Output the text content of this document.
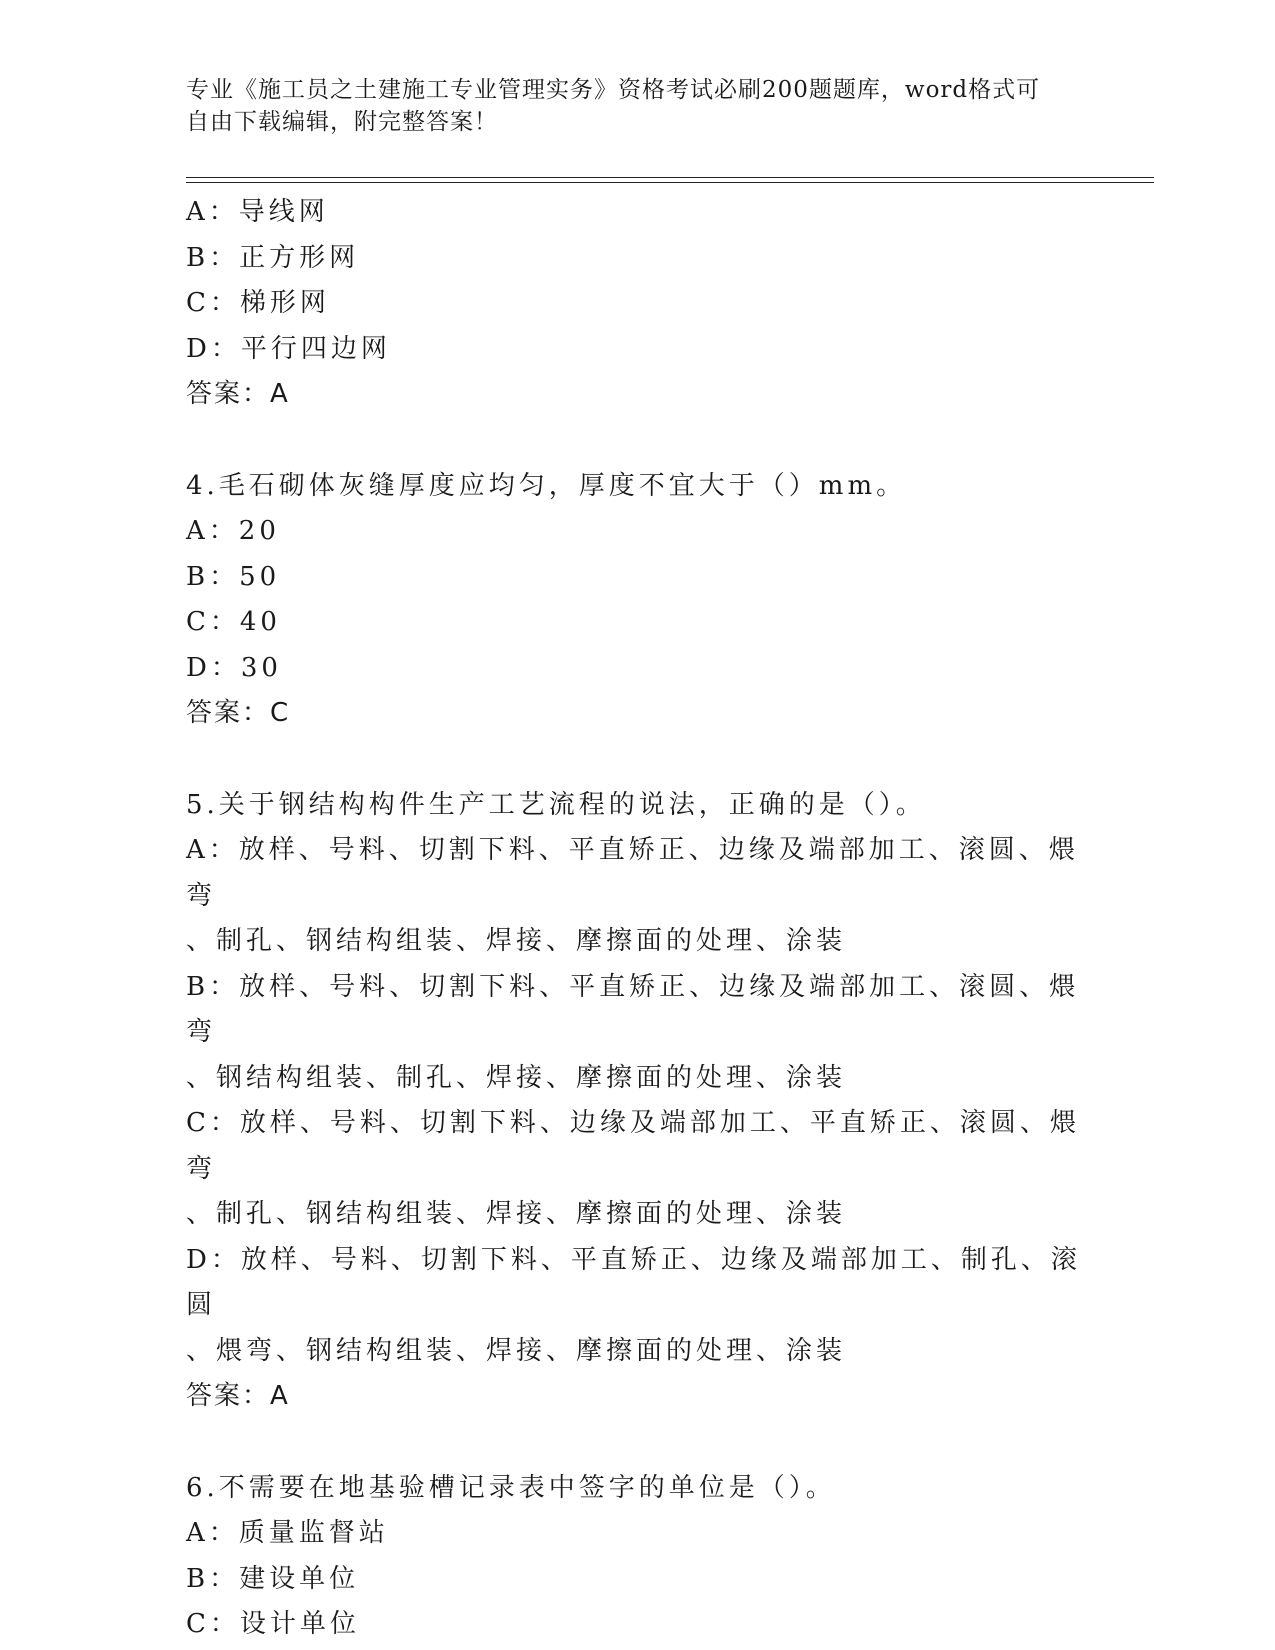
专业《施工员之土建施工专业管理实务》资格考试必刷200题题库，word格式可
自由下载编辑，附完整答案！
A：导线网
B：正方形网
C：梯形网
D：平行四边网
答案：A
4.毛石砌体灰缝厚度应均匀，厚度不宜大于（）mm。
A：20
B：50
C：40
D：30
答案：C
5.关于钢结构构件生产工艺流程的说法，正确的是（）。
A：放样、号料、切割下料、平直矫正、边缘及端部加工、滚圆、煨弯
、制孔、钢结构组装、焊接、摩擦面的处理、涂装
B：放样、号料、切割下料、平直矫正、边缘及端部加工、滚圆、煨弯
、钢结构组装、制孔、焊接、摩擦面的处理、涂装
C：放样、号料、切割下料、边缘及端部加工、平直矫正、滚圆、煨弯
、制孔、钢结构组装、焊接、摩擦面的处理、涂装
D：放样、号料、切割下料、平直矫正、边缘及端部加工、制孔、滚圆
、煨弯、钢结构组装、焊接、摩擦面的处理、涂装
答案：A
6.不需要在地基验槽记录表中签字的单位是（）。
A：质量监督站
B：建设单位
C：设计单位
